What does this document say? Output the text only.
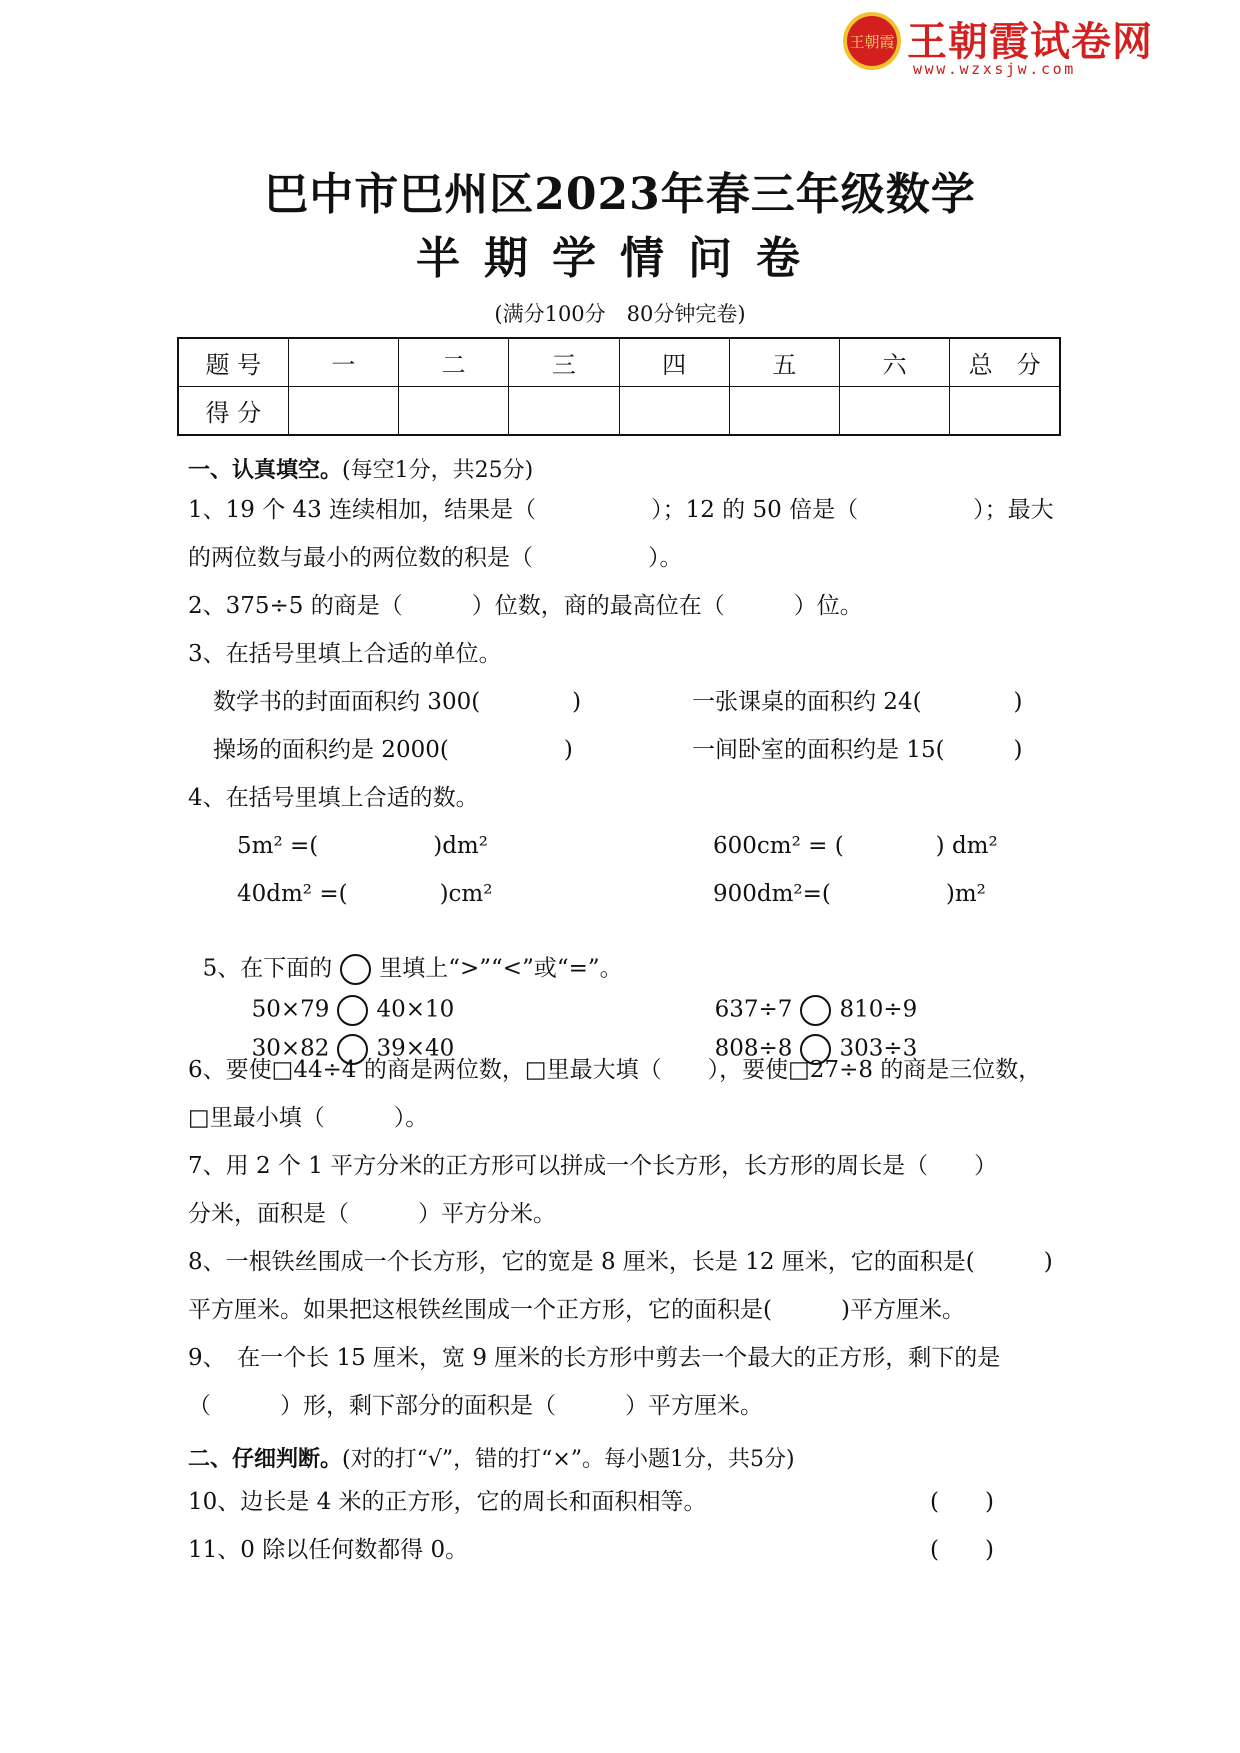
王朝霞 王朝霞试卷网
www.wzxsjw.com
巴中市巴州区2023年春三年级数学
半期学情问卷
(满分100分　80分钟完卷)
题 号	一	二	三	四	五	六	总　分
得 分							
一、认真填空。(每空1分，共25分)
1、19 个 43 连续相加，结果是（　　　　　）；12 的 50 倍是（　　　　　）；最大
的两位数与最小的两位数的积是（　　　　　）。
2、375÷5 的商是（　　　）位数，商的最高位在（　　　）位。
3、在括号里填上合适的单位。
数学书的封面面积约 300(　　　　)	一张课桌的面积约 24(　　　　)
操场的面积约是 2000(　　　　　)	一间卧室的面积约是 15(　　　)
4、在括号里填上合适的数。
5m² =(　　　　　)dm²	600cm² = (　　　　) dm²
40dm² =(　　　　)cm²	900dm²=(　　　　　)m²

5、在下面的 里填上“>”“<”或“=”。

50×79 40×10	637÷7 810÷9

30×82 39×40	808÷8 303÷3

6、要使□44÷4 的商是两位数，□里最大填（　　），要使□27÷8 的商是三位数，
□里最小填（　　　）。
7、用 2 个 1 平方分米的正方形可以拼成一个长方形，长方形的周长是（　　）
分米，面积是（　　　）平方分米。
8、一根铁丝围成一个长方形，它的宽是 8 厘米，长是 12 厘米，它的面积是(　　　)
平方厘米。如果把这根铁丝围成一个正方形，它的面积是(　　　)平方厘米。
9、　在一个长 15 厘米，宽 9 厘米的长方形中剪去一个最大的正方形，剩下的是
（　　　）形，剩下部分的面积是（　　　）平方厘米。
二、仔细判断。(对的打“√”，错的打“×”。每小题1分，共5分)
10、边长是 4 米的正方形，它的周长和面积相等。	(　　)
11、0 除以任何数都得 0。	(　　)
